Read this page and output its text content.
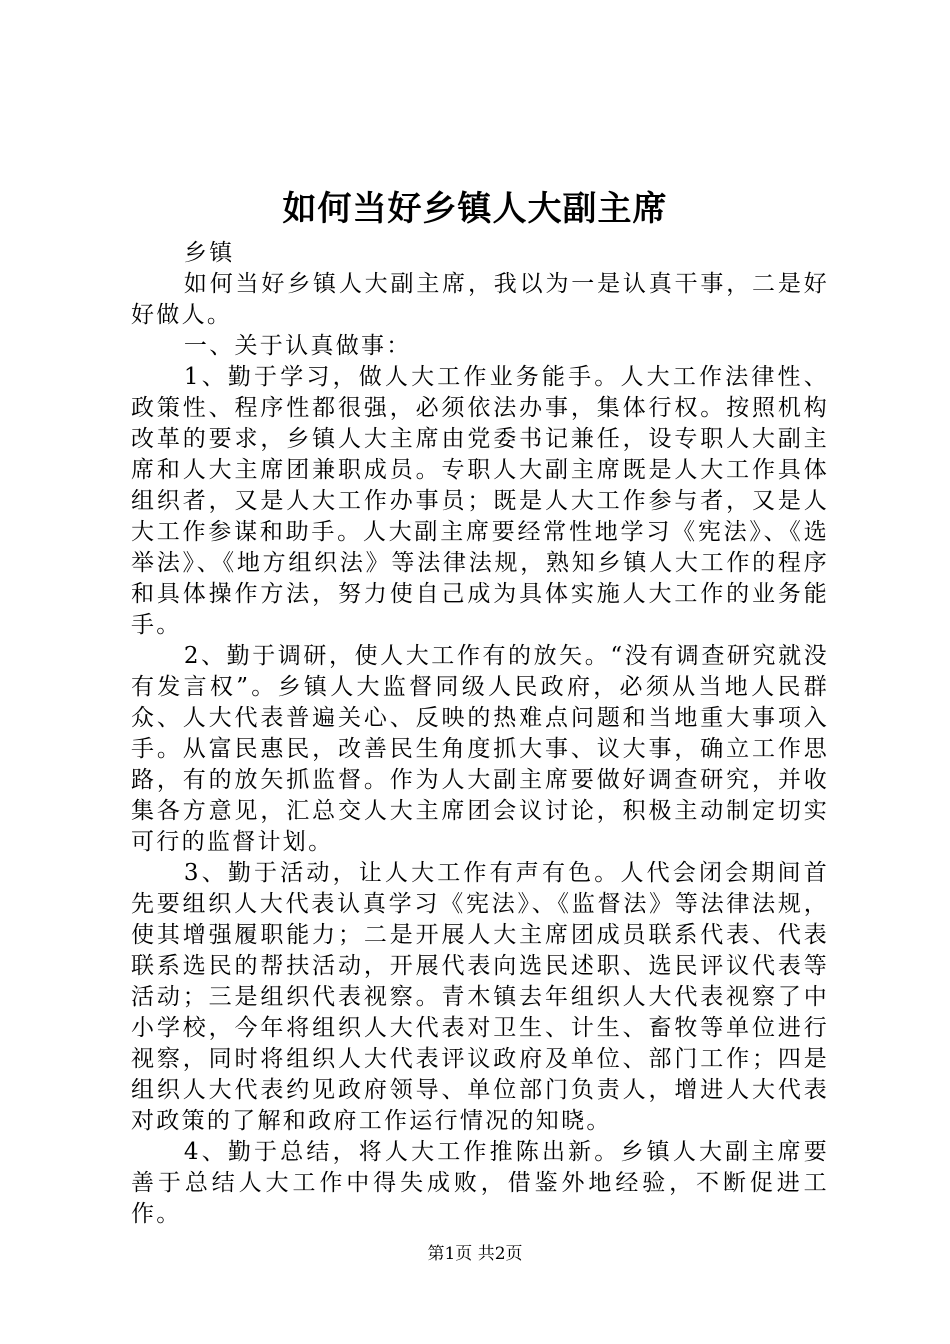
如何当好乡镇人大副主席

乡镇

如何当好乡镇人大副主席，我以为一是认真干事，二是好好做人。

一、关于认真做事：

1、勤于学习，做人大工作业务能手。人大工作法律性、政策性、程序性都很强，必须依法办事，集体行权。按照机构改革的要求，乡镇人大主席由党委书记兼任，设专职人大副主席和人大主席团兼职成员。专职人大副主席既是人大工作具体组织者，又是人大工作办事员；既是人大工作参与者，又是人大工作参谋和助手。人大副主席要经常性地学习《宪法》、《选举法》、《地方组织法》等法律法规，熟知乡镇人大工作的程序和具体操作方法，努力使自己成为具体实施人大工作的业务能手。

2、勤于调研，使人大工作有的放矢。“没有调查研究就没有发言权”。乡镇人大监督同级人民政府，必须从当地人民群众、人大代表普遍关心、反映的热难点问题和当地重大事项入手。从富民惠民，改善民生角度抓大事、议大事，确立工作思路，有的放矢抓监督。作为人大副主席要做好调查研究，并收集各方意见，汇总交人大主席团会议讨论，积极主动制定切实可行的监督计划。

3、勤于活动，让人大工作有声有色。人代会闭会期间首先要组织人大代表认真学习《宪法》、《监督法》等法律法规，使其增强履职能力；二是开展人大主席团成员联系代表、代表联系选民的帮扶活动，开展代表向选民述职、选民评议代表等活动；三是组织代表视察。青木镇去年组织人大代表视察了中小学校，今年将组织人大代表对卫生、计生、畜牧等单位进行视察，同时将组织人大代表评议政府及单位、部门工作；四是组织人大代表约见政府领导、单位部门负责人，增进人大代表对政策的了解和政府工作运行情况的知晓。

4、勤于总结，将人大工作推陈出新。乡镇人大副主席要善于总结人大工作中得失成败，借鉴外地经验，不断促进工作。

第1页 共2页
